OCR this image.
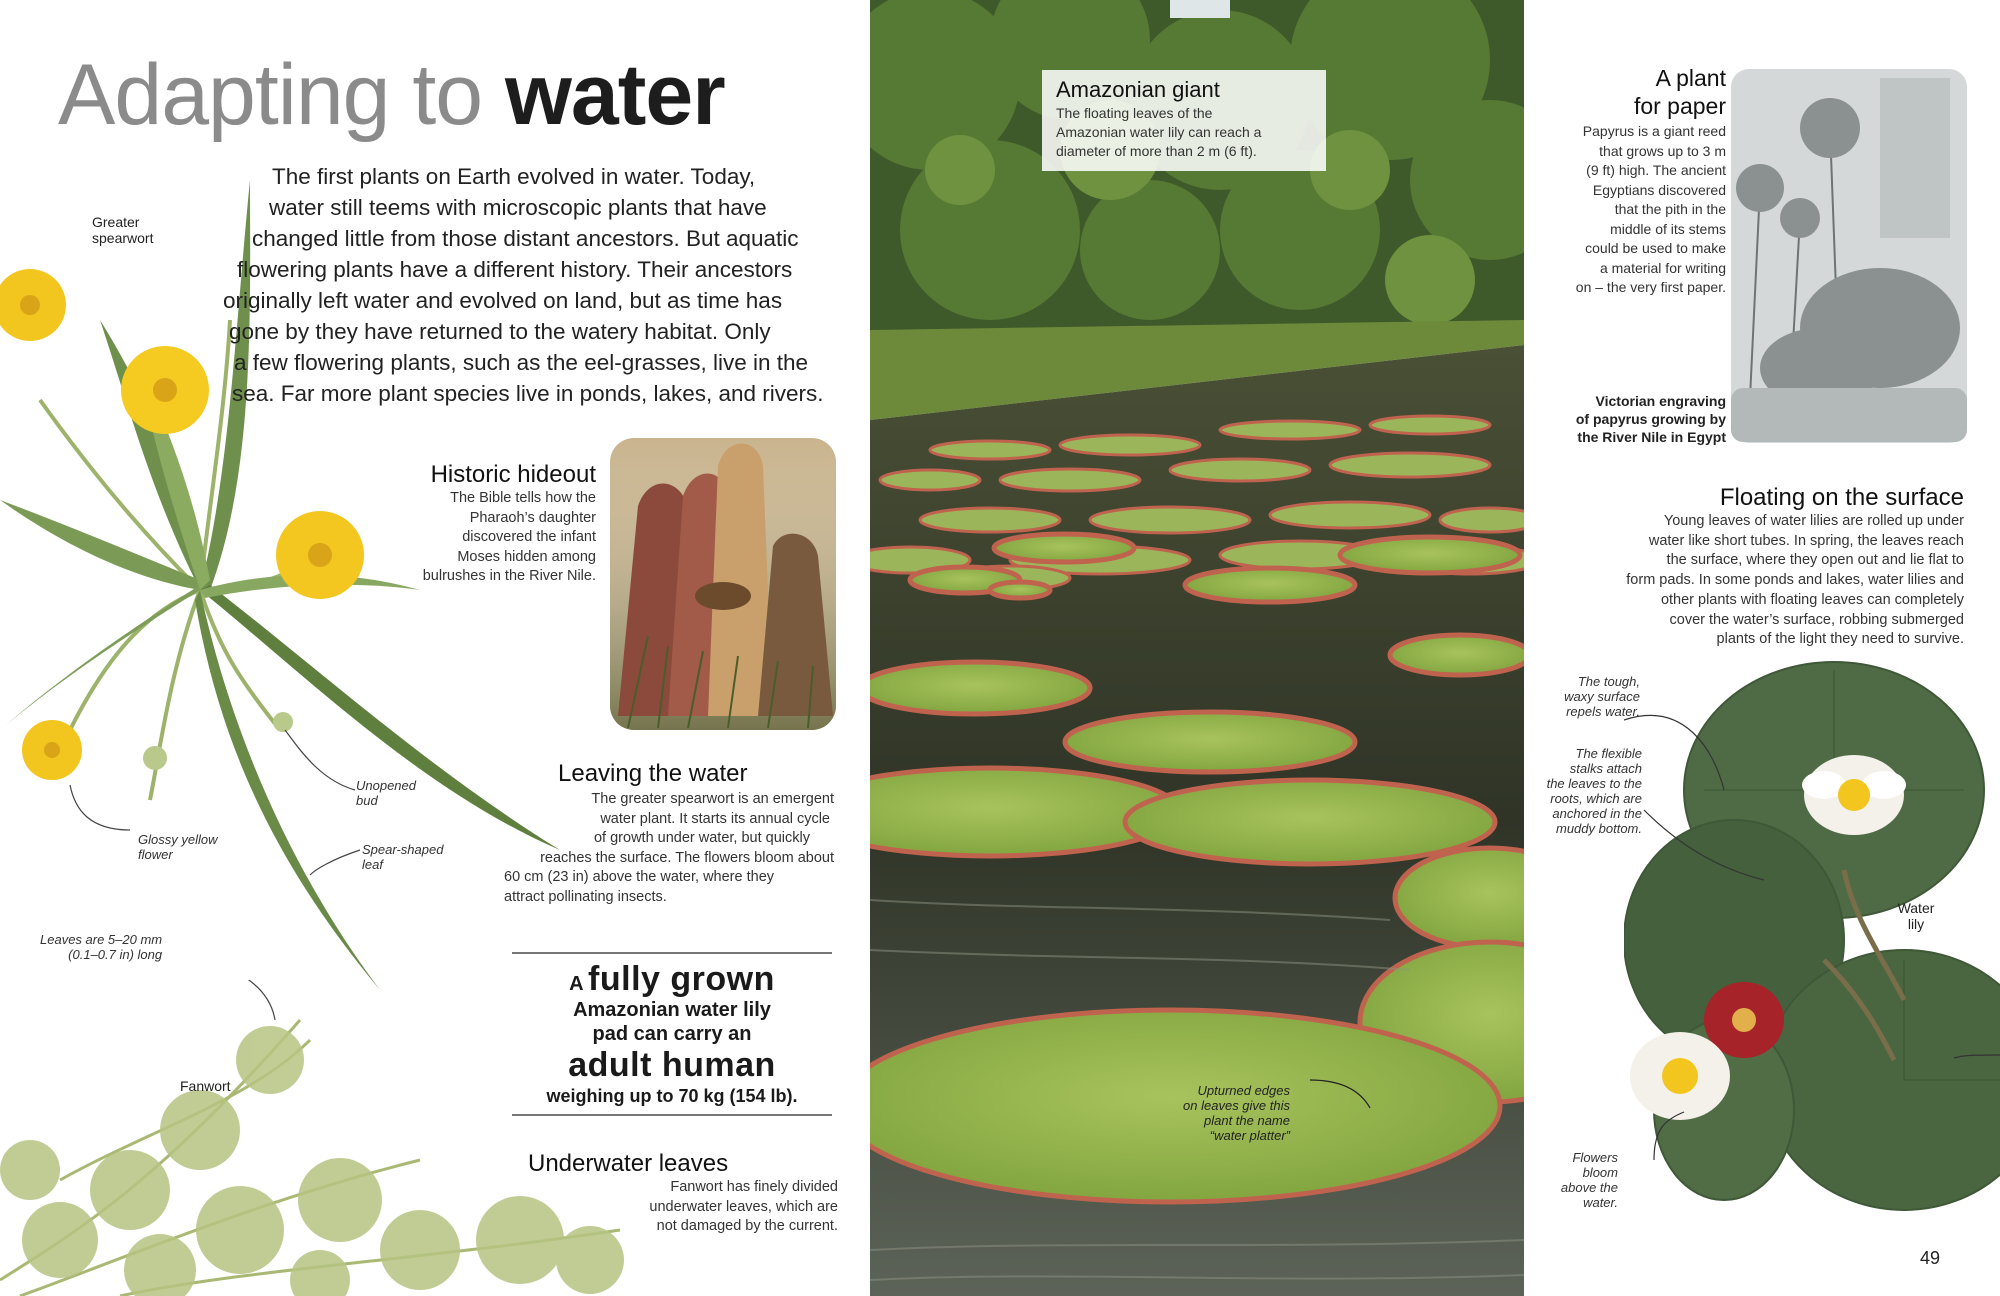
Adapting to water
Greater
spearwort
Unopened
bud
Glossy yellow
flower	Spear-shaped
leaf
The first plants on Earth evolved in water. Today,
water still teems with microscopic plants that have
changed little from those distant ancestors. But aquatic
flowering plants have a different history. Their ancestors
originally left water and evolved on land, but as time has
gone by they have returned to the watery habitat. Only
a few flowering plants, such as the eel-grasses, live in the
sea. Far more plant species live in ponds, lakes, and rivers.
Historic hideout
The Bible tells how the
Pharaoh’s daughter
discovered the infant
Moses hidden among
bulrushes in the River Nile.
Leaving the water
The greater spearwort is an emergent
water plant. It starts its annual cycle
of growth under water, but quickly
reaches the surface. The flowers bloom about
60 cm (23 in) above the water, where they
attract pollinating insects.
A fully grown
Amazonian water lily
pad can carry an
adult human
weighing up to 70 kg (154 lb).
Leaves are 5–20 mm
(0.1–0.7 in) long
Fanwort
Underwater leaves
Fanwort has finely divided
underwater leaves, which are
not damaged by the current.
Amazonian giant
The floating leaves of the
Amazonian water lily can reach a
diameter of more than 2 m (6 ft).
Upturned edges
on leaves give this
plant the name
“water platter”
A plant
for paper
Papyrus is a giant reed
that grows up to 3 m
(9 ft) high. The ancient
Egyptians discovered
that the pith in the
middle of its stems
could be used to make
a material for writing
on – the very first paper.
Victorian engraving
of papyrus growing by
the River Nile in Egypt
Floating on the surface
Young leaves of water lilies are rolled up under
water like short tubes. In spring, the leaves reach
the surface, where they open out and lie flat to
form pads. In some ponds and lakes, water lilies and
other plants with floating leaves can completely
cover the water’s surface, robbing submerged
plants of the light they need to survive.
The tough,
waxy surface
repels water.
The flexible
stalks attach
the leaves to the
roots, which are
anchored in the
muddy bottom.
Water
lily
Flowers
bloom
above the
water.
49
